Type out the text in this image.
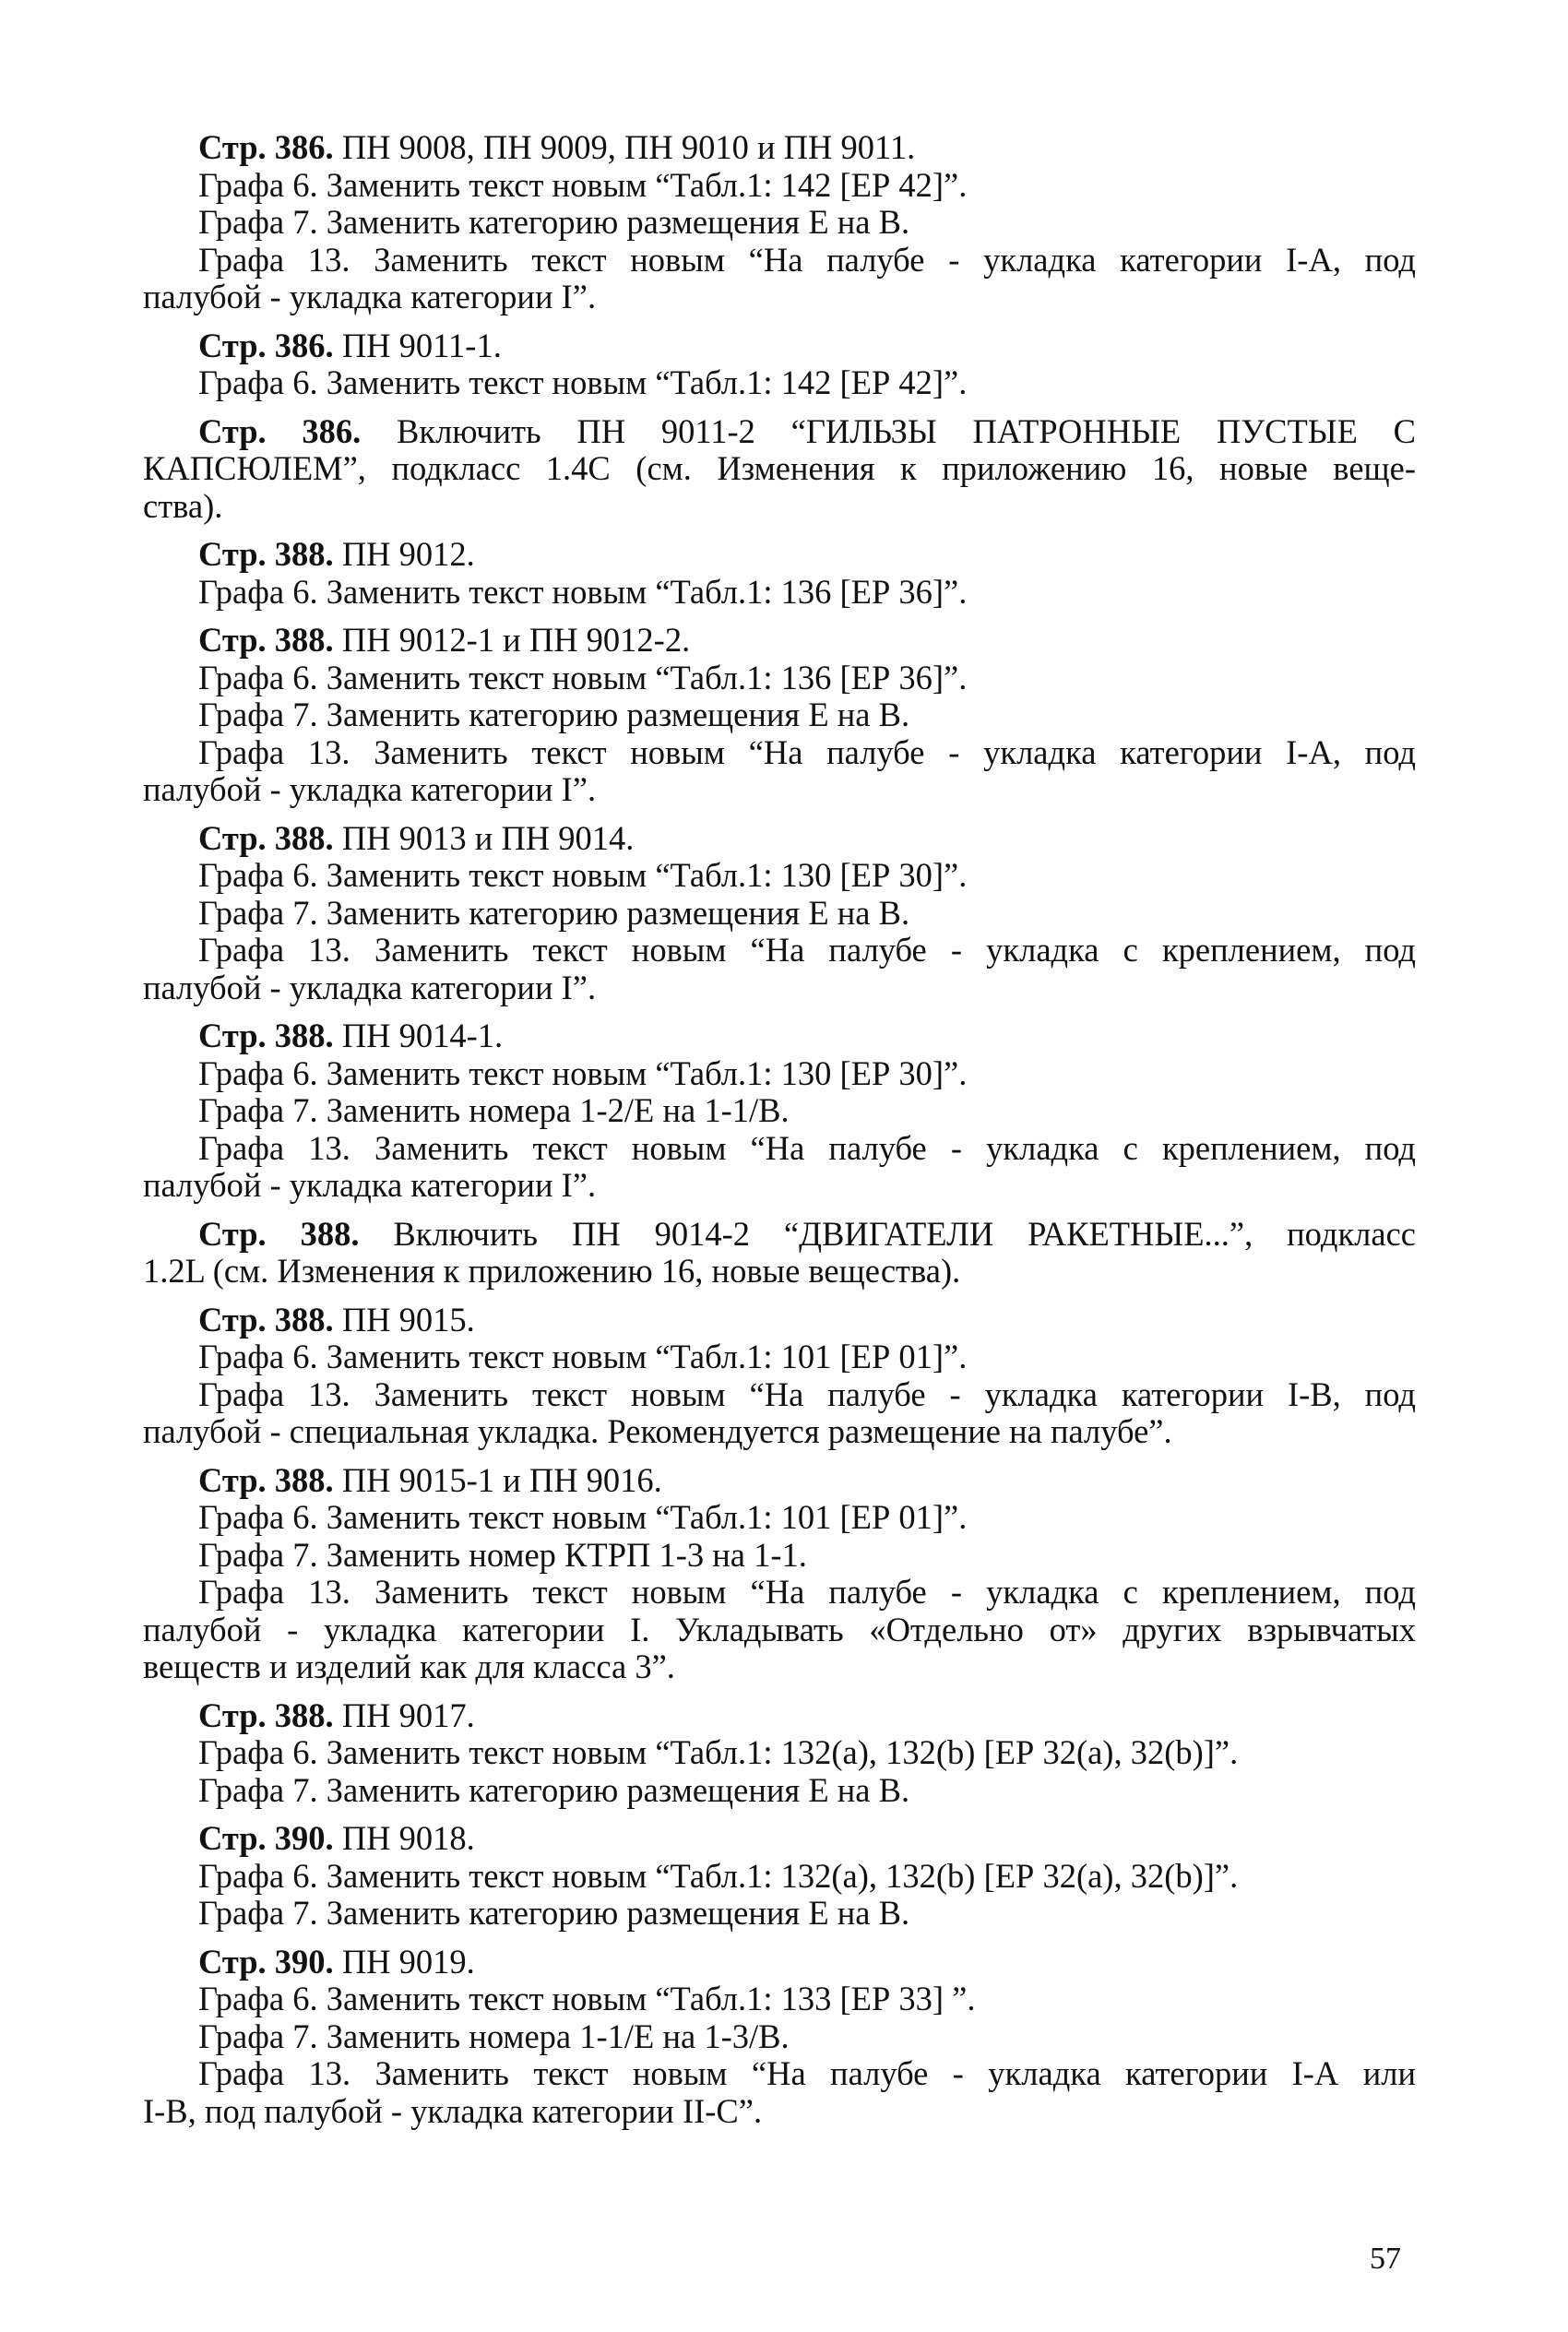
Стр. 386. ПН 9008, ПН 9009, ПН 9010 и ПН 9011.

Графа 6. Заменить текст новым “Табл.1: 142 [ЕР 42]”.

Графа 7. Заменить категорию размещения Е на В.

Графа 13. Заменить текст новым “На палубе - укладка категории I-А, под

палубой - укладка категории I”.

Стр. 386. ПН 9011-1.

Графа 6. Заменить текст новым “Табл.1: 142 [ЕР 42]”.

Стр. 386. Включить ПН 9011-2 “ГИЛЬЗЫ ПАТРОННЫЕ ПУСТЫЕ С

КАПСЮЛЕМ”, подкласс 1.4С (см. Изменения к приложению 16, новые веще-

ства).

Стр. 388. ПН 9012.

Графа 6. Заменить текст новым “Табл.1: 136 [ЕР 36]”.

Стр. 388. ПН 9012-1 и ПН 9012-2.

Графа 6. Заменить текст новым “Табл.1: 136 [ЕР 36]”.

Графа 7. Заменить категорию размещения Е на В.

Графа 13. Заменить текст новым “На палубе - укладка категории I-А, под

палубой - укладка категории I”.

Стр. 388. ПН 9013 и ПН 9014.

Графа 6. Заменить текст новым “Табл.1: 130 [ЕР 30]”.

Графа 7. Заменить категорию размещения Е на В.

Графа 13. Заменить текст новым “На палубе - укладка с креплением, под

палубой - укладка категории I”.

Стр. 388. ПН 9014-1.

Графа 6. Заменить текст новым “Табл.1: 130 [ЕР 30]”.

Графа 7. Заменить номера 1-2/Е на 1-1/В.

Графа 13. Заменить текст новым “На палубе - укладка с креплением, под

палубой - укладка категории I”.

Стр. 388. Включить ПН 9014-2 “ДВИГАТЕЛИ РАКЕТНЫЕ...”, подкласс

1.2L (см. Изменения к приложению 16, новые вещества).

Стр. 388. ПН 9015.

Графа 6. Заменить текст новым “Табл.1: 101 [ЕР 01]”.

Графа 13. Заменить текст новым “На палубе - укладка категории I-В, под

палубой - специальная укладка. Рекомендуется размещение на палубе”.

Стр. 388. ПН 9015-1 и ПН 9016.

Графа 6. Заменить текст новым “Табл.1: 101 [ЕР 01]”.

Графа 7. Заменить номер КТРП 1-3 на 1-1.

Графа 13. Заменить текст новым “На палубе - укладка с креплением, под

палубой - укладка категории I. Укладывать «Отдельно от» других взрывчатых

веществ и изделий как для класса 3”.

Стр. 388. ПН 9017.

Графа 6. Заменить текст новым “Табл.1: 132(a), 132(b) [ЕР 32(a), 32(b)]”.

Графа 7. Заменить категорию размещения Е на В.

Стр. 390. ПН 9018.

Графа 6. Заменить текст новым “Табл.1: 132(a), 132(b) [ЕР 32(a), 32(b)]”.

Графа 7. Заменить категорию размещения Е на В.

Стр. 390. ПН 9019.

Графа 6. Заменить текст новым “Табл.1: 133 [ЕР 33] ”.

Графа 7. Заменить номера 1-1/Е на 1-3/В.

Графа 13. Заменить текст новым “На палубе - укладка категории I-А или

I-В, под палубой - укладка категории II-С”.

57
